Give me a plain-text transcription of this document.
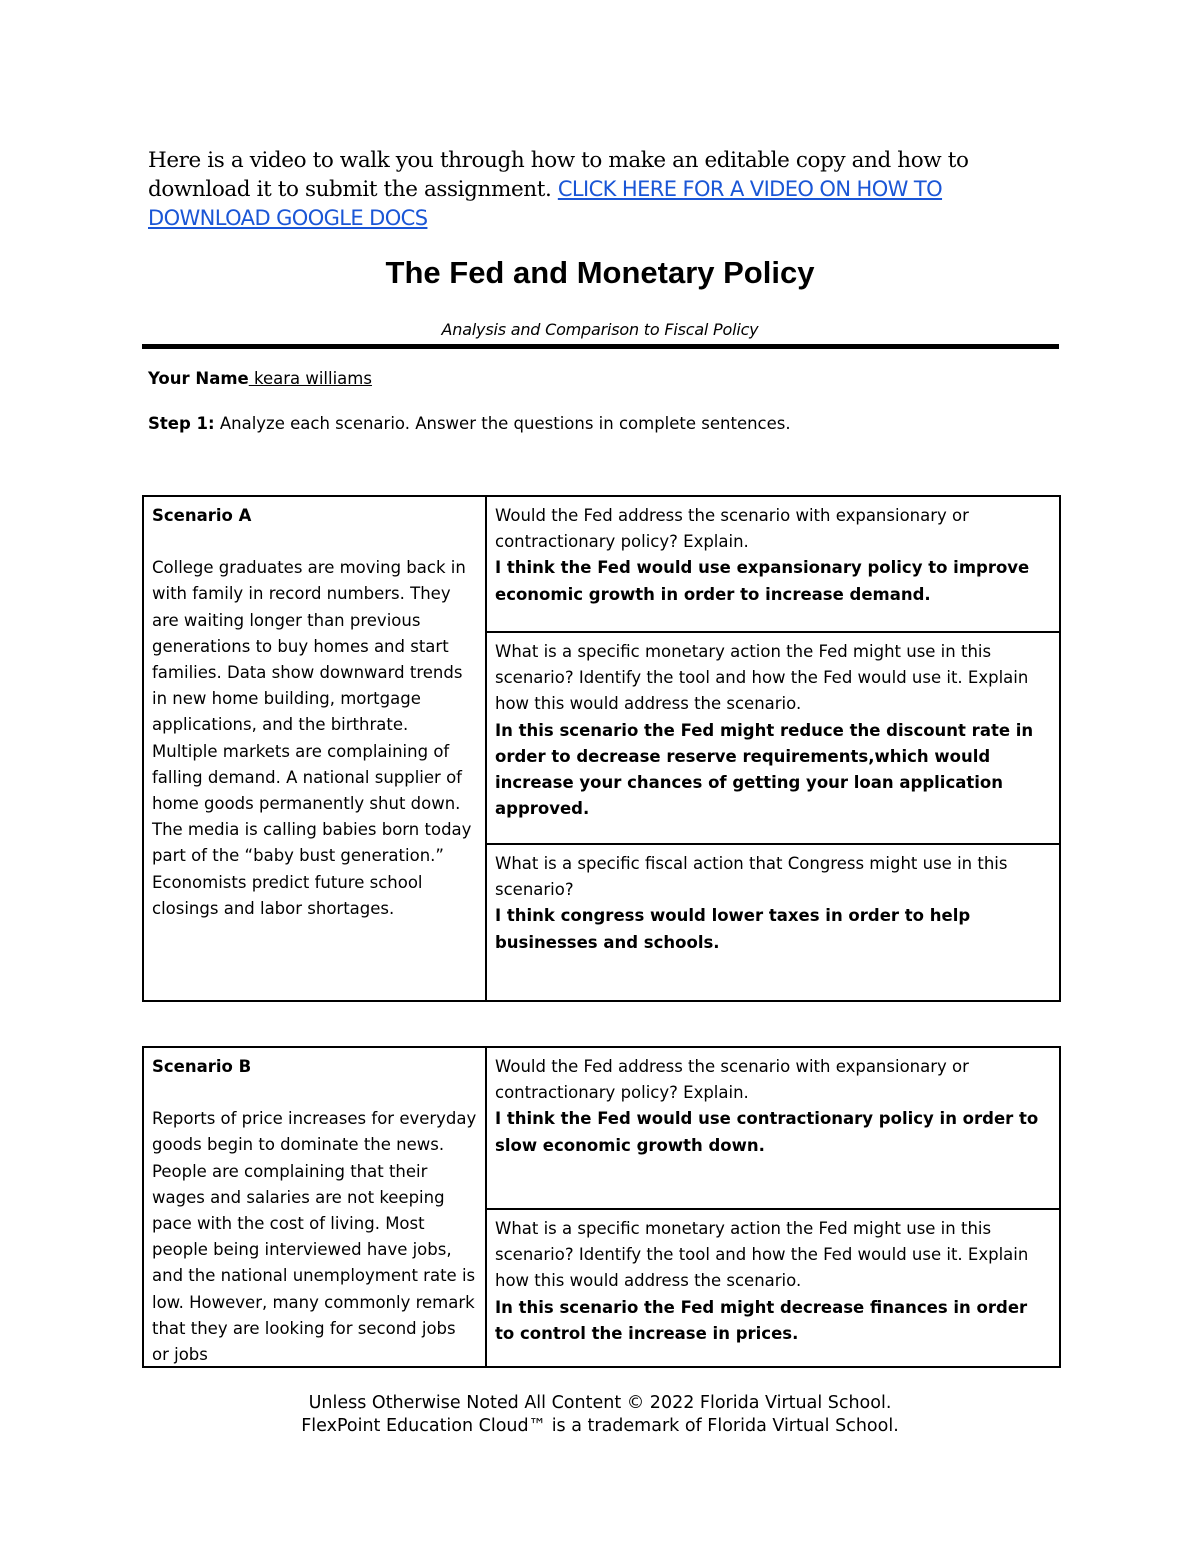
Here is a video to walk you through how to make an editable copy and how to download it to submit the assignment. CLICK HERE FOR A VIDEO ON HOW TO DOWNLOAD GOOGLE DOCS
The Fed and Monetary Policy
Analysis and Comparison to Fiscal Policy
Your Name keara williams
Step 1: Analyze each scenario. Answer the questions in complete sentences.
Scenario A
College graduates are moving back in with family in record numbers. They are waiting longer than previous generations to buy homes and start families. Data show downward trends in new home building, mortgage applications, and the birthrate. Multiple markets are complaining of falling demand. A national supplier of home goods permanently shut down. The media is calling babies born today part of the “baby bust generation.” Economists predict future school closings and labor shortages.
Would the Fed address the scenario with expansionary or contractionary policy? Explain.
I think the Fed would use expansionary policy to improve economic growth in order to increase demand.
What is a specific monetary action the Fed might use in this scenario? Identify the tool and how the Fed would use it. Explain how this would address the scenario.
In this scenario the Fed might reduce the discount rate in order to decrease reserve requirements,which would increase your chances of getting your loan application approved.
What is a specific fiscal action that Congress might use in this scenario?
I think congress would lower taxes in order to help businesses and schools.
Scenario B
Reports of price increases for everyday goods begin to dominate the news. People are complaining that their wages and salaries are not keeping pace with the cost of living. Most people being interviewed have jobs, and the national unemployment rate is low. However, many commonly remark that they are looking for second jobs or jobs
Would the Fed address the scenario with expansionary or contractionary policy? Explain.
I think the Fed would use contractionary policy in order to slow economic growth down.
What is a specific monetary action the Fed might use in this scenario? Identify the tool and how the Fed would use it. Explain how this would address the scenario.
In this scenario the Fed might decrease finances in order to control the increase in prices.
Unless Otherwise Noted All Content © 2022 Florida Virtual School.
FlexPoint Education Cloud™ is a trademark of Florida Virtual School.
